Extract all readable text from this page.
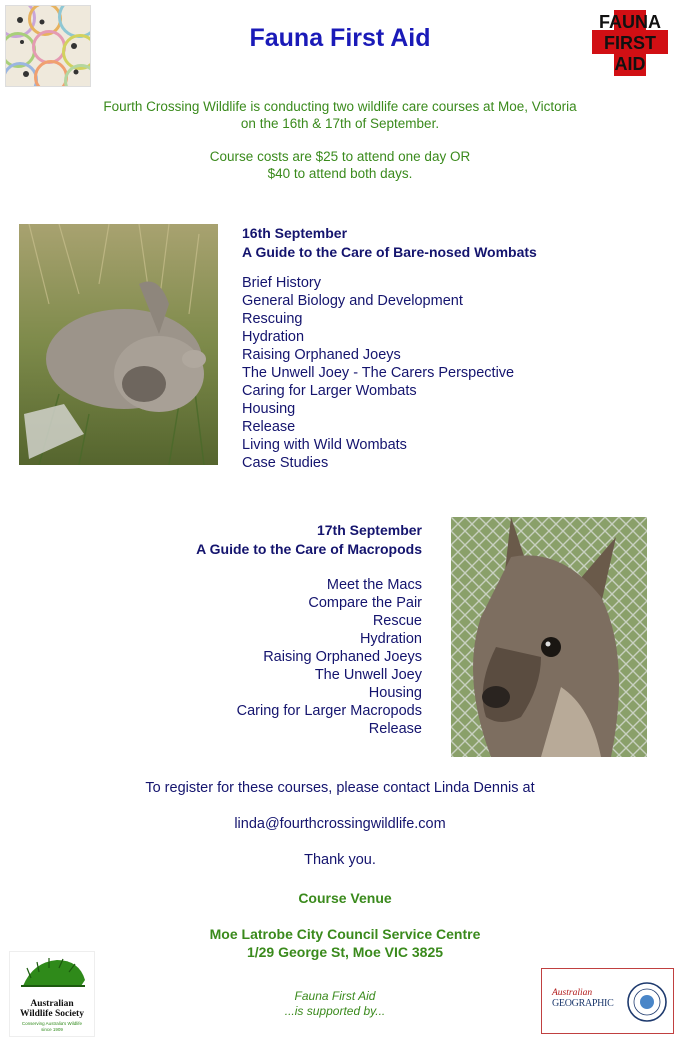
Fauna First Aid
FAUNA
FIRST
AID
Fourth Crossing Wildlife is conducting two wildlife care courses at Moe, Victoria
on the 16th & 17th of September.
Course costs are $25 to attend one day OR
$40 to attend both days.
16th September
A Guide to the Care of Bare-nosed Wombats
Brief History
General Biology and Development
Rescuing
Hydration
Raising Orphaned Joeys
The Unwell Joey - The Carers Perspective
Caring for Larger Wombats
Housing
Release
Living with Wild Wombats
Case Studies
17th September
A Guide to the Care of Macropods
Meet the Macs
Compare the Pair
Rescue
Hydration
Raising Orphaned Joeys
The Unwell Joey
Housing
Caring for Larger Macropods
Release
To register for these courses, please contact Linda Dennis at
linda@fourthcrossingwildlife.com
Thank you.
Course Venue
Moe Latrobe City Council Service Centre
1/29 George St, Moe VIC 3825
Australian
Wildlife Society
Conserving Australia's Wildlife
since 1909
Fauna First Aid
...is supported by...
Australian
GEOGRAPHIC
